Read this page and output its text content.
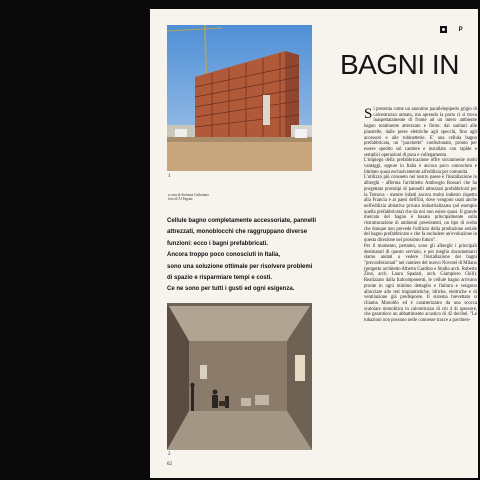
1
a cura di Stefania Carbonaro
foto di Al Pagani
Cellule bagno completamente accessoriate, pannelli
attrezzati, monoblocchi che raggruppano diverse
funzioni: ecco i bagni prefabbricati.
Ancora troppo poco conosciuti in Italia,
sono una soluzione ottimale per risolvere problemi
di spazio e risparmiare tempi e costi.
Ce ne sono per tutti i gusti ed ogni esigenza.
2
P
BAGNI IN

Si presenta come un anonimo parallelepipedo grigio di calcestruzzo armato, ma aprendo la porta ci si trova inaspettatamente di fronte ad un intero ambiente bagno totalmente attrezzato e finito: dai sanitari alle piastrelle, dalle prese elettriche agli specchi, fino agli accessori e alle rubinetterie. E' una cellula bagno prefabbricata, un "pacchetto" confezionato, pronto per essere spedito sul cantiere e installato con rapide e semplici operazioni di posa e collegamento.

L'impiego della prefabbricazione offre sicuramente molti vantaggi, eppure in Italia è ancora poco conosciuto e limitato quasi esclusivamente all'edilizia per comunità.

L'utilizzo più consueto nel nostro paese è l'installazione in alberghi - afferma l'architetto Ambrogio Rossari che ha progettato prototipi di pannelli attrezzati prefabbricati per la Temova - mentre infatti ancora molto indietro rispetto alla Francia e ai paesi dell'Est, dove vengono usati anche nell'edilizia abitativa privata industrializzata (ad esempio quella prefabbricata) che da noi non esiste quasi. Il grande mercato del bagno è basato principalmente sulla ristrutturazione di ambienti preesistenti, un tipo di scelta che dunque non prevede l'utilizzo della produzione seriale del bagno prefabbricato e che fa escludere un'evoluzione in questa direzione nel prossimo futuro".

Per il momento, pertanto, sono gli alberghi i principali destinatari di questo servizio, e per meglio documentarci siamo andati a vedere l'installazione dei bagni "preconfezionati" nel cantiere del nuovo Novotel di Milano (progetto architetto Alberto Gardino e Studio arch. Roberto Zino, arch. Laura Spadari, arch. Giampiero Chili). Realizzato dalla Italcomponenti, le cellule bagno arrivano pronte in ogni minimo dettaglio e finitura e vengono allacciate alle reti impiantistiche, idriche, elettriche e di ventilazione già predisposte. Il sistema brevettato si chiama Monoblo ed è caratterizzato da una scocca scatolare monolitica in calcestruzzo di cm 4 di spessore, che garantisce un abbattimento acustico di 42 decibel. "Le tubazioni non possono nelle connesse tracce a pavimen-

62
